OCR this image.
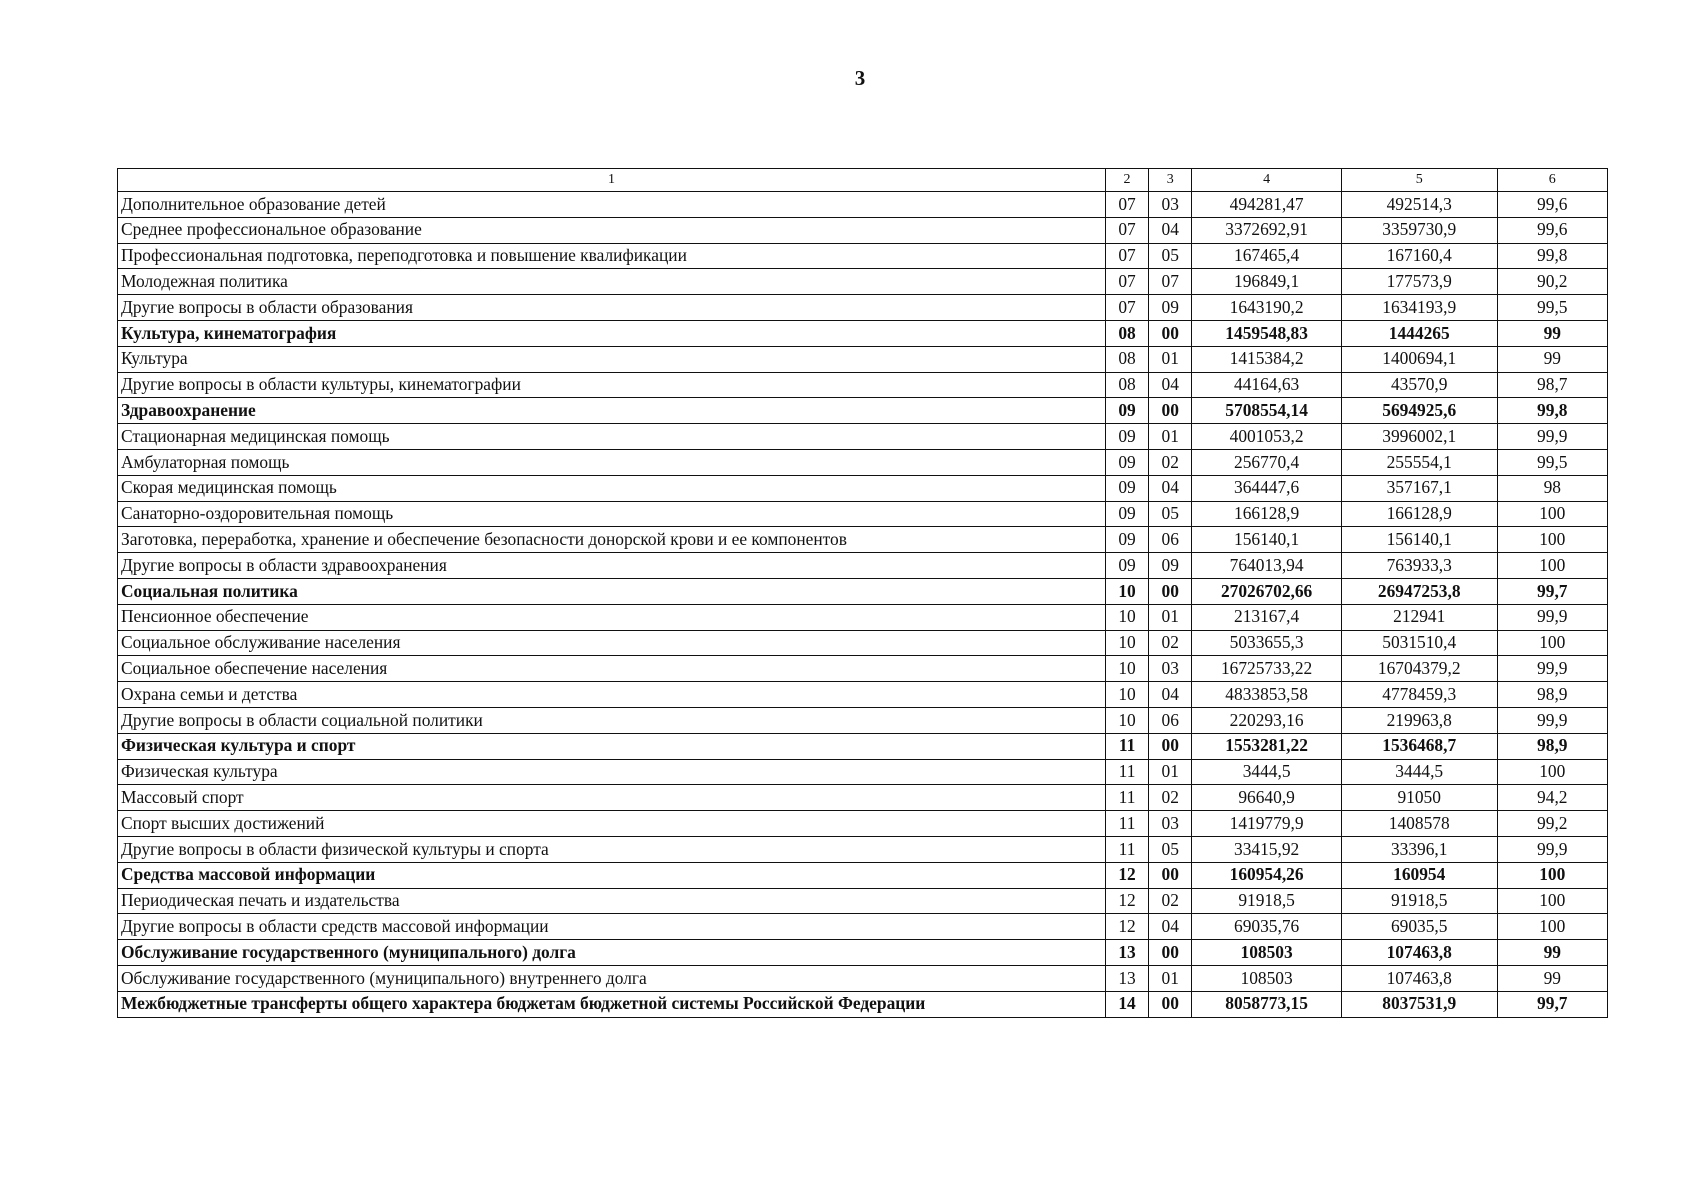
3
1	2	3	4	5	6
Дополнительное образование детей	07	03	494281,47	492514,3	99,6
Среднее профессиональное образование	07	04	3372692,91	3359730,9	99,6
Профессиональная подготовка, переподготовка и повышение квалификации	07	05	167465,4	167160,4	99,8
Молодежная политика	07	07	196849,1	177573,9	90,2
Другие вопросы в области образования	07	09	1643190,2	1634193,9	99,5
Культура, кинематография	08	00	1459548,83	1444265	99
Культура	08	01	1415384,2	1400694,1	99
Другие вопросы в области культуры, кинематографии	08	04	44164,63	43570,9	98,7
Здравоохранение	09	00	5708554,14	5694925,6	99,8
Стационарная медицинская помощь	09	01	4001053,2	3996002,1	99,9
Амбулаторная помощь	09	02	256770,4	255554,1	99,5
Скорая медицинская помощь	09	04	364447,6	357167,1	98
Санаторно-оздоровительная помощь	09	05	166128,9	166128,9	100
Заготовка, переработка, хранение и обеспечение безопасности донорской крови и ее компонентов	09	06	156140,1	156140,1	100
Другие вопросы в области здравоохранения	09	09	764013,94	763933,3	100
Социальная политика	10	00	27026702,66	26947253,8	99,7
Пенсионное обеспечение	10	01	213167,4	212941	99,9
Социальное обслуживание населения	10	02	5033655,3	5031510,4	100
Социальное обеспечение населения	10	03	16725733,22	16704379,2	99,9
Охрана семьи и детства	10	04	4833853,58	4778459,3	98,9
Другие вопросы в области социальной политики	10	06	220293,16	219963,8	99,9
Физическая культура и спорт	11	00	1553281,22	1536468,7	98,9
Физическая культура	11	01	3444,5	3444,5	100
Массовый спорт	11	02	96640,9	91050	94,2
Спорт высших достижений	11	03	1419779,9	1408578	99,2
Другие вопросы в области физической культуры и спорта	11	05	33415,92	33396,1	99,9
Средства массовой информации	12	00	160954,26	160954	100
Периодическая печать и издательства	12	02	91918,5	91918,5	100
Другие вопросы в области средств массовой информации	12	04	69035,76	69035,5	100
Обслуживание государственного (муниципального) долга	13	00	108503	107463,8	99
Обслуживание государственного (муниципального) внутреннего долга	13	01	108503	107463,8	99
Межбюджетные трансферты общего характера бюджетам бюджетной системы Российской Федерации	14	00	8058773,15	8037531,9	99,7
